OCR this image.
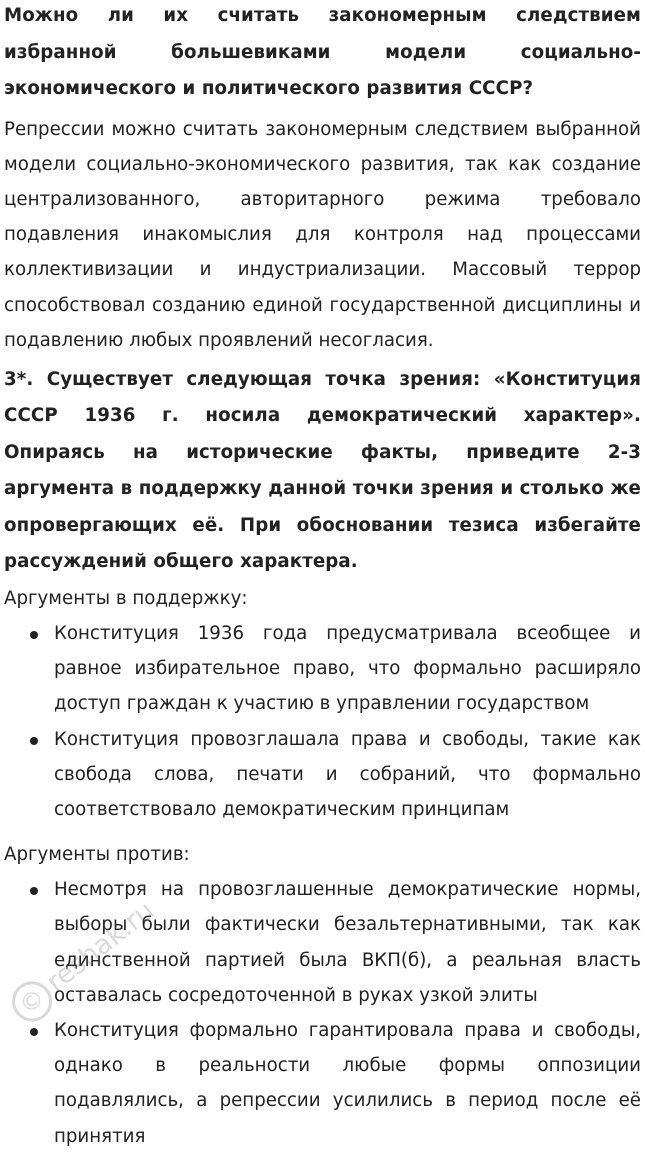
Можно ли их считать закономерным следствием избранной большевиками модели социально-экономического и политического развития СССР?

Репрессии можно считать закономерным следствием выбранной модели социально-экономического развития, так как создание централизованного, авторитарного режима требовало подавления инакомыслия для контроля над процессами коллективизации и индустриализации. Массовый террор способствовал созданию единой государственной дисциплины и подавлению любых проявлений несогласия.

3*. Существует следующая точка зрения: «Конституция СССР 1936 г. носила демократический характер». Опираясь на исторические факты, приведите 2-3 аргумента в поддержку данной точки зрения и столько же опровергающих её. При обосновании тезиса избегайте рассуждений общего характера.

Аргументы в поддержку:

Конституция 1936 года предусматривала всеобщее и равное избирательное право, что формально расширяло доступ граждан к участию в управлении государством
Конституция провозглашала права и свободы, такие как свобода слова, печати и собраний, что формально соответствовало демократическим принципам

Аргументы против:

Несмотря на провозглашенные демократические нормы, выборы были фактически безальтернативными, так как единственной партией была ВКП(б), а реальная власть оставалась сосредоточенной в руках узкой элиты
Конституция формально гарантировала права и свободы, однако в реальности любые формы оппозиции подавлялись, а репрессии усилились в период после её принятия
©reshak.ru
